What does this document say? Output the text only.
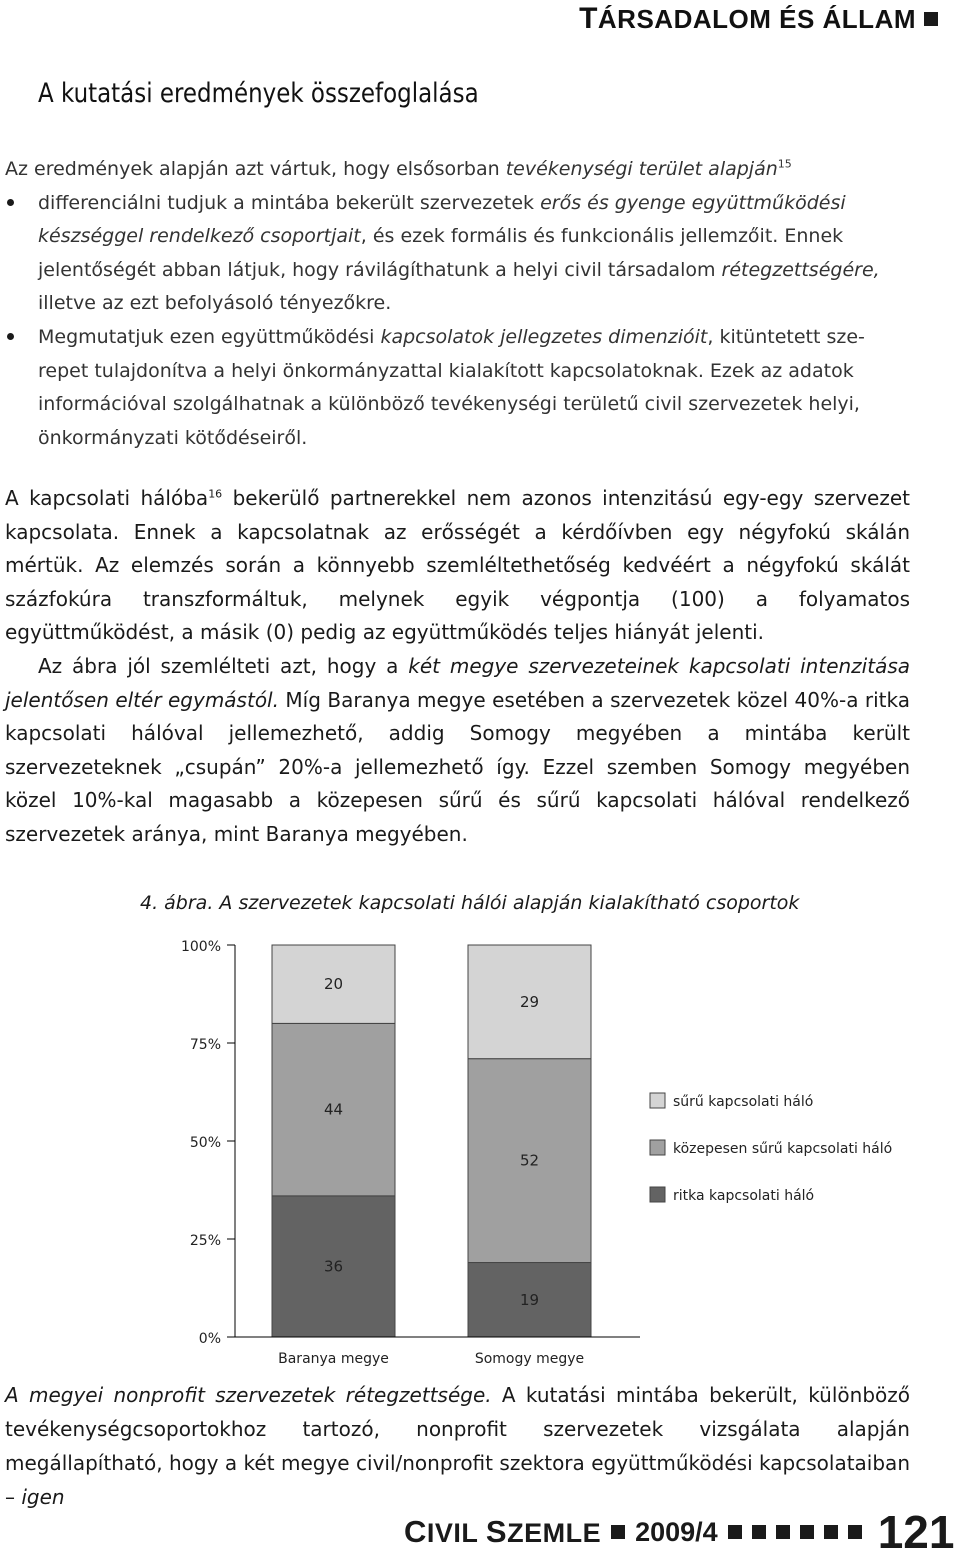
TÁRSADALOM ÉS ÁLLAM
A kutatási eredmények összefoglalása

Az eredmények alapján azt vártuk, hogy elsősorban tevékenységi terület alapján$^{15}$

differenciálni tudjuk a mintába bekerült szervezetek erős és gyenge együttműködési
készséggel rendelkező csoportjait, és ezek formális és funkcionális jellemzőit. Ennek
jelentőségét abban látjuk, hogy rávilágíthatunk a helyi civil társadalom rétegzettségére,
illetve az ezt befolyásoló tényezőkre.
Megmutatjuk ezen együttműködési kapcsolatok jellegzetes dimenzióit, kitüntetett sze-
repet tulajdonítva a helyi önkormányzattal kialakított kapcsolatoknak. Ezek az adatok
információval szolgálhatnak a különböző tevékenységi területű civil szervezetek helyi,
önkormányzati kötődéseiről.

A kapcsolati hálóba$^{16}$ bekerülő partnerekkel nem azonos intenzitású egy-egy szervezet kapcsolata. Ennek a kapcsolatnak az erősségét a kérdőívben egy négyfokú skálán mértük. Az elemzés során a könnyebb szemléltethetőség kedvéért a négyfokú skálát százfokúra transzformáltuk, melynek egyik végpontja (100) a folyamatos együttműködést, a másik (0) pedig az együttműködés teljes hiányát jelenti.

Az ábra jól szemlélteti azt, hogy a két megye szervezeteinek kapcsolati intenzitása jelentősen eltér egymástól. Míg Baranya megye esetében a szervezetek közel 40%-a ritka kapcsolati hálóval jellemezhető, addig Somogy megyében a mintába került szervezeteknek „csupán” 20%-a jellemezhető így. Ezzel szemben Somogy megyében közel 10%-kal magasabb a közepesen sűrű és sűrű kapcsolati hálóval rendelkező szervezetek aránya, mint Baranya megyében.

4. ábra. A szervezetek kapcsolati hálói alapján kialakítható csoportok

0%
25%
50%
75%
100%
36
44
20
Baranya megye
19
52
29
Somogy megye
sűrű kapcsolati háló
közepesen sűrű kapcsolati háló
ritka kapcsolati háló

A megyei nonprofit szervezetek rétegzettsége. A kutatási mintába bekerült, különböző tevékenységcsoportokhoz tartozó, nonprofit szervezetek vizsgálata alapján megállapítható, hogy a két megye civil/nonprofit szektora együttműködési kapcsolataiban – igen

CIVIL SZEMLE 2009/4	121
